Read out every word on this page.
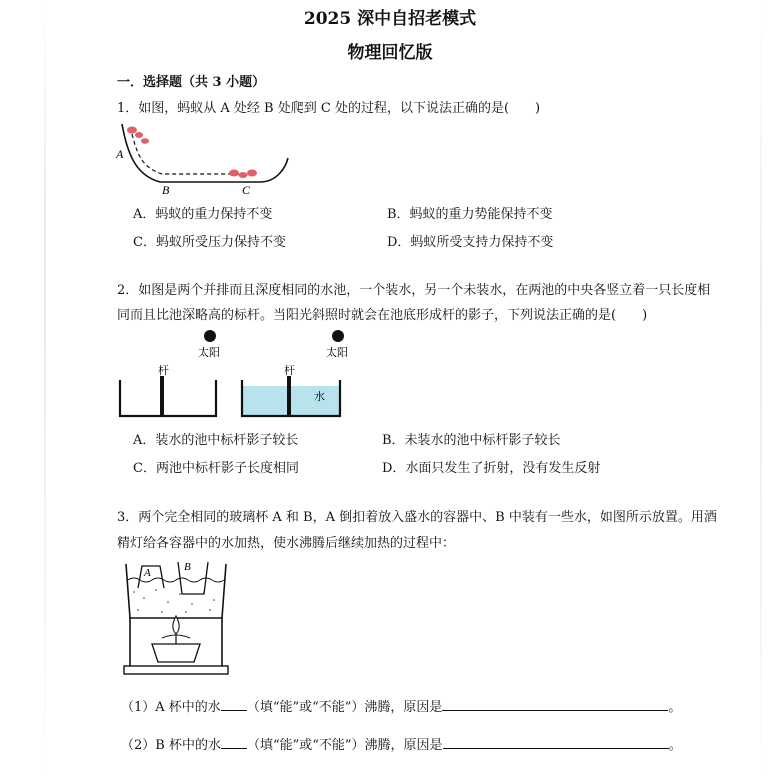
2025 深中自招老模式
物理回忆版
一．选择题（共 3 小题）
1．如图，蚂蚁从 A 处经 B 处爬到 C 处的过程，以下说法正确的是(　　)
A
B	C
A．蚂蚁的重力保持不变	B．蚂蚁的重力势能保持不变
C．蚂蚁所受压力保持不变	D．蚂蚁所受支持力保持不变
2．如图是两个并排而且深度相同的水池，一个装水，另一个未装水，在两池的中央各竖立着一只长度相
同而且比池深略高的标杆。当阳光斜照时就会在池底形成杆的影子，下列说法正确的是(　　)
太阳	太阳
杆	杆
水
A．装水的池中标杆影子较长	B．未装水的池中标杆影子较长
C．两池中标杆影子长度相同	D．水面只发生了折射，没有发生反射
3．两个完全相同的玻璃杯 A 和 B，A 倒扣着放入盛水的容器中、B 中装有一些水，如图所示放置。用酒
精灯给各容器中的水加热，使水沸腾后继续加热的过程中：
A	B
（1）A 杯中的水 （填“能”或“不能”）沸腾，原因是	。
（2）B 杯中的水 （填“能”或“不能”）沸腾，原因是	。
